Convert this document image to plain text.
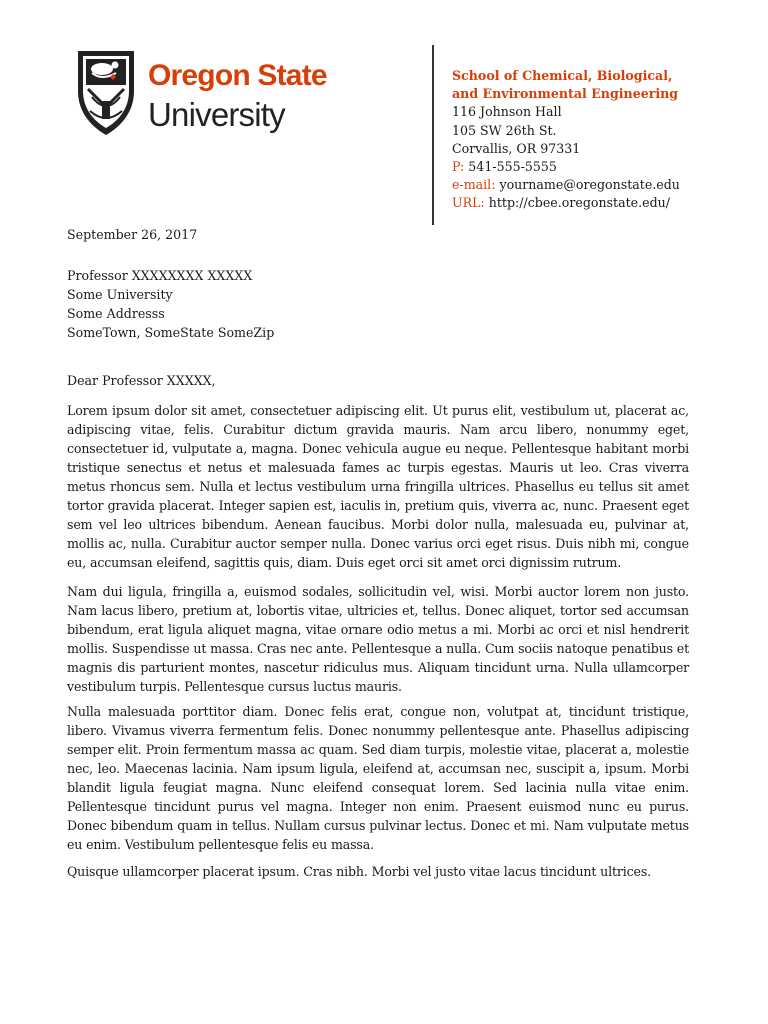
Oregon State
University
School of Chemical, Biological,
and Environmental Engineering
116 Johnson Hall
105 SW 26th St.
Corvallis, OR 97331
P: 541-555-5555
e-mail: yourname@oregonstate.edu
URL: http://cbee.oregonstate.edu/
September 26, 2017
Professor XXXXXXXX XXXXX
Some University
Some Addresss
SomeTown, SomeState SomeZip
Dear Professor XXXXX,
Lorem ipsum dolor sit amet, consectetuer adipiscing elit. Ut purus elit, vestibulum ut, placerat ac, adipiscing vitae, felis. Curabitur dictum gravida mauris. Nam arcu libero, nonummy eget, consectetuer id, vulputate a, magna. Donec vehicula augue eu neque. Pellentesque habitant morbi tristique senectus et netus et malesuada fames ac turpis egestas. Mauris ut leo. Cras viverra metus rhoncus sem. Nulla et lectus vestibulum urna fringilla ultrices. Phasellus eu tellus sit amet tortor gravida placerat. Integer sapien est, iaculis in, pretium quis, viverra ac, nunc. Praesent eget sem vel leo ultrices bibendum. Aenean faucibus. Morbi dolor nulla, malesuada eu, pulvinar at, mollis ac, nulla. Curabitur auctor semper nulla. Donec varius orci eget risus. Duis nibh mi, congue eu, accumsan eleifend, sagittis quis, diam. Duis eget orci sit amet orci dignissim rutrum.
Nam dui ligula, fringilla a, euismod sodales, sollicitudin vel, wisi. Morbi auctor lorem non justo. Nam lacus libero, pretium at, lobortis vitae, ultricies et, tellus. Donec aliquet, tortor sed accumsan bibendum, erat ligula aliquet magna, vitae ornare odio metus a mi. Morbi ac orci et nisl hendrerit mollis. Suspendisse ut massa. Cras nec ante. Pellentesque a nulla. Cum sociis natoque penatibus et magnis dis parturient montes, nascetur ridiculus mus. Aliquam tincidunt urna. Nulla ullamcorper vestibulum turpis. Pellentesque cursus luctus mauris.
Nulla malesuada porttitor diam. Donec felis erat, congue non, volutpat at, tincidunt tristique, libero. Vivamus viverra fermentum felis. Donec nonummy pellentesque ante. Phasellus adipiscing semper elit. Proin fermentum massa ac quam. Sed diam turpis, molestie vitae, placerat a, molestie nec, leo. Maecenas lacinia. Nam ipsum ligula, eleifend at, accumsan nec, suscipit a, ipsum. Morbi blandit ligula feugiat magna. Nunc eleifend consequat lorem. Sed lacinia nulla vitae enim. Pellentesque tincidunt purus vel magna. Integer non enim. Praesent euismod nunc eu purus. Donec bibendum quam in tellus. Nullam cursus pulvinar lectus. Donec et mi. Nam vulputate metus eu enim. Vestibulum pellentesque felis eu massa.
Quisque ullamcorper placerat ipsum. Cras nibh. Morbi vel justo vitae lacus tincidunt ultrices.
